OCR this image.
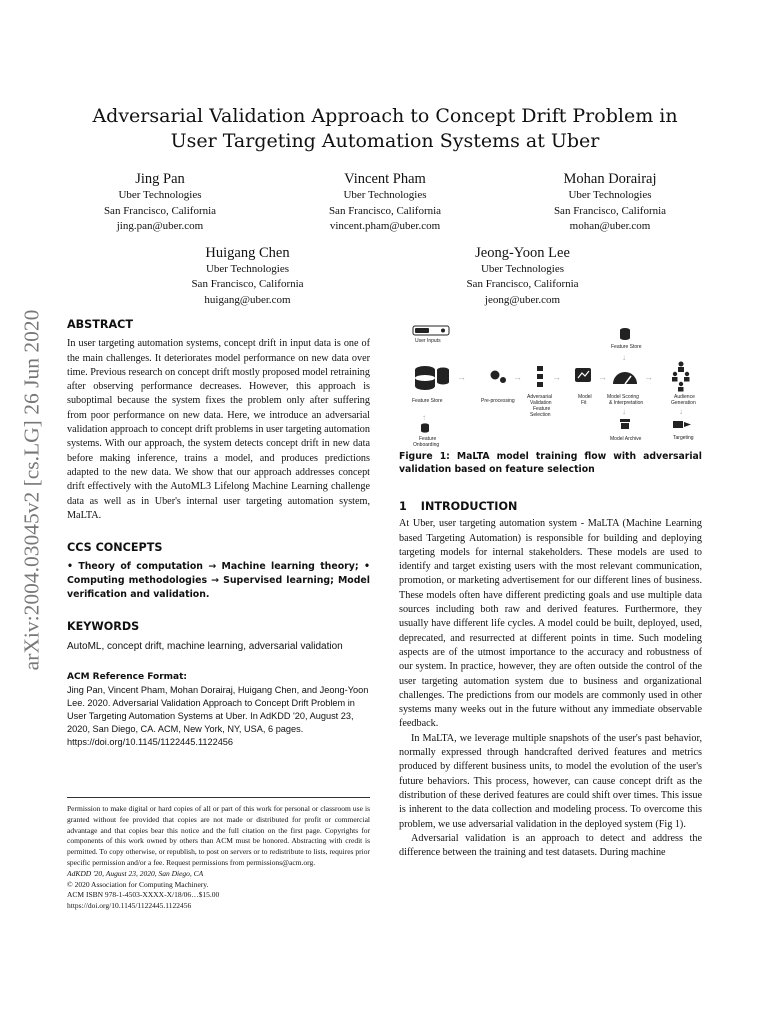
arXiv:2004.03045v2 [cs.LG] 26 Jun 2020
Adversarial Validation Approach to Concept Drift Problem in User Targeting Automation Systems at Uber
Jing Pan
Uber Technologies
San Francisco, California
jing.pan@uber.com
Vincent Pham
Uber Technologies
San Francisco, California
vincent.pham@uber.com
Mohan Dorairaj
Uber Technologies
San Francisco, California
mohan@uber.com
Huigang Chen
Uber Technologies
San Francisco, California
huigang@uber.com
Jeong-Yoon Lee
Uber Technologies
San Francisco, California
jeong@uber.com
ABSTRACT

In user targeting automation systems, concept drift in input data is one of the main challenges. It deteriorates model performance on new data over time. Previous research on concept drift mostly proposed model retraining after observing performance decreases. However, this approach is suboptimal because the system fixes the problem only after suffering from poor performance on new data. Here, we introduce an adversarial validation approach to concept drift problems in user targeting automation systems. With our approach, the system detects concept drift in new data before making inference, trains a model, and produces predictions adapted to the new data. We show that our approach addresses concept drift effectively with the AutoML3 Lifelong Machine Learning challenge data as well as in Uber's internal user targeting automation system, MaLTA.

CCS CONCEPTS

• Theory of computation → Machine learning theory; • Computing methodologies → Supervised learning; Model verification and validation.

KEYWORDS

AutoML, concept drift, machine learning, adversarial validation

ACM Reference Format:

Jing Pan, Vincent Pham, Mohan Dorairaj, Huigang Chen, and Jeong-Yoon Lee. 2020. Adversarial Validation Approach to Concept Drift Problem in User Targeting Automation Systems at Uber. In AdKDD '20, August 23, 2020, San Diego, CA. ACM, New York, NY, USA, 6 pages. https://doi.org/10.1145/1122445.1122456

Permission to make digital or hard copies of all or part of this work for personal or classroom use is granted without fee provided that copies are not made or distributed for profit or commercial advantage and that copies bear this notice and the full citation on the first page. Copyrights for components of this work owned by others than ACM must be honored. Abstracting with credit is permitted. To copy otherwise, or republish, to post on servers or to redistribute to lists, requires prior specific permission and/or a fee. Request permissions from permissions@acm.org.
AdKDD '20, August 23, 2020, San Diego, CA
© 2020 Association for Computing Machinery.
ACM ISBN 978-1-4503-XXXX-X/18/06…$15.00
https://doi.org/10.1145/1122445.1122456
User Inputs
Feature Store
→
Pre-processing
→
Adversarial
Validation
Feature
Selection
→
Model
Fit
→
Feature Store
↓
Model Scoring
& Interpretation
→
Audience
Generation
↑
Feature
Onboarding
↓
Model Archive
↓
Targeting

Figure 1: MaLTA model training flow with adversarial validation based on feature selection

1 INTRODUCTION

At Uber, user targeting automation system - MaLTA (Machine Learning based Targeting Automation) is responsible for building and deploying targeting models for internal stakeholders. These models are used to identify and target existing users with the most relevant communication, promotion, or marketing advertisement for our different lines of business. These models often have different predicting goals and use multiple data sources including both raw and derived features. Furthermore, they usually have different life cycles. A model could be built, deployed, used, deprecated, and resurrected at different points in time. Such modeling aspects are of the utmost importance to the accuracy and robustness of our system. In practice, however, they are often outside the control of the user targeting automation system due to business and organizational challenges. The predictions from our models are commonly used in other systems many weeks out in the future without any immediate observable feedback.

In MaLTA, we leverage multiple snapshots of the user's past behavior, normally expressed through handcrafted derived features and metrics produced by different business units, to model the evolution of the user's future behaviors. This process, however, can cause concept drift as the distribution of these derived features are could shift over times. This issue is inherent to the data collection and modeling process. To overcome this problem, we use adversarial validation in the deployed system (Fig 1).

Adversarial validation is an approach to detect and address the difference between the training and test datasets. During machine
